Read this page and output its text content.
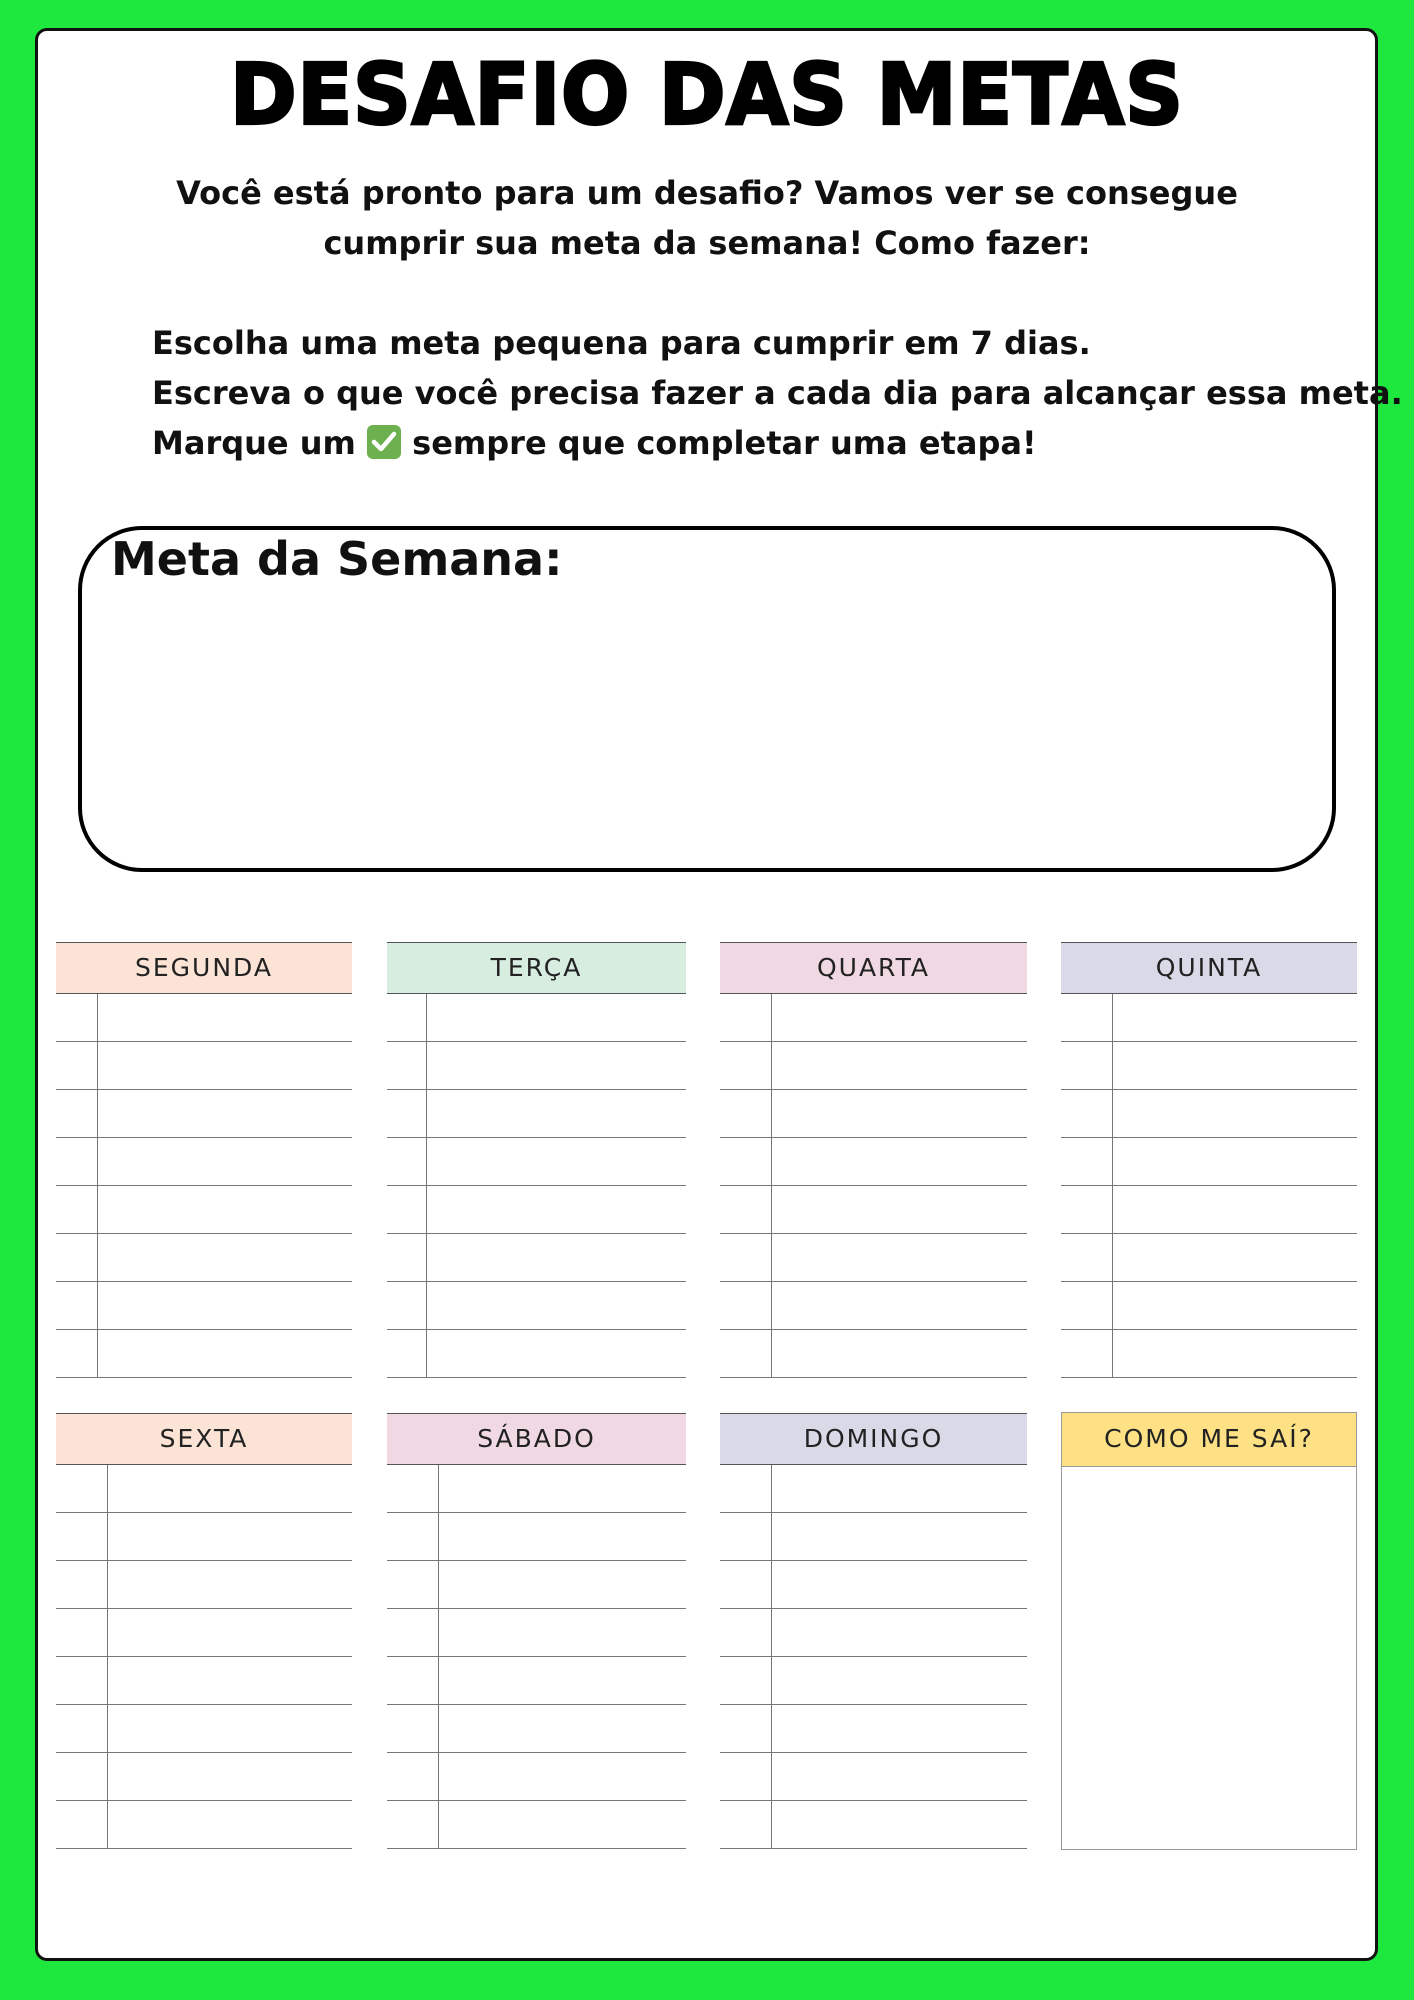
DESAFIO DAS METAS
Você está pronto para um desafio? Vamos ver se consegue
cumprir sua meta da semana! Como fazer:
Escolha uma meta pequena para cumprir em 7 dias.
Escreva o que você precisa fazer a cada dia para alcançar essa meta.
Marque um sempre que completar uma etapa!
Meta da Semana:
SEGUNDA	TERÇA	QUARTA	QUINTA
SEXTA	SÁBADO	DOMINGO	COMO ME SAÍ?
